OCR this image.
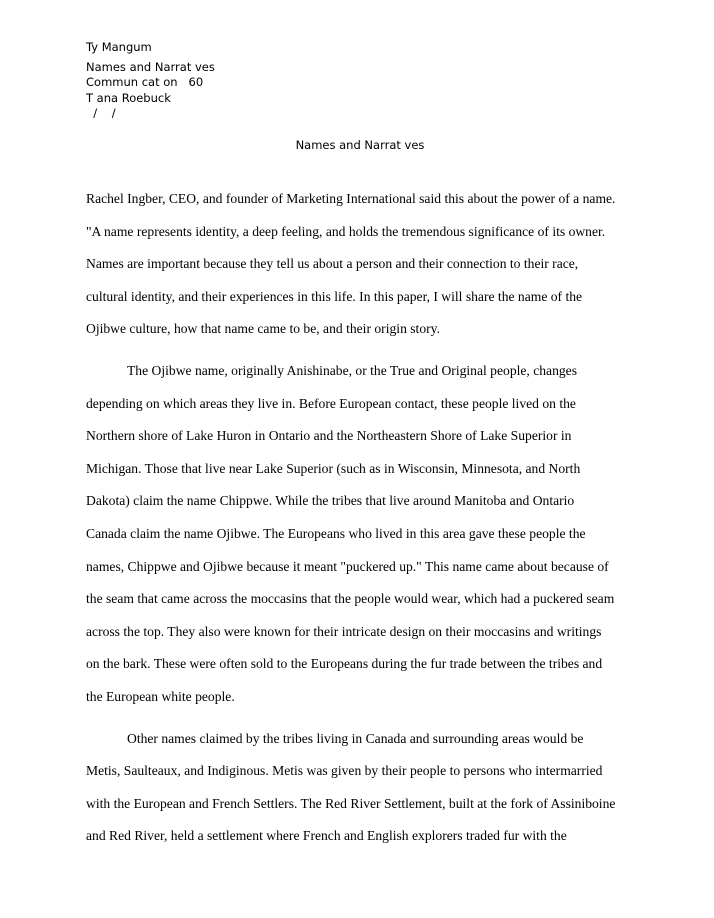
Ty Mangum
Names and Narrat ves
Commun cat on   60
T ana Roebuck
/    /
Names and Narrat ves
Rachel Ingber, CEO, and founder of Marketing International said this about the power of a name.
"A name represents identity, a deep feeling, and holds the tremendous significance of its owner.
Names are important because they tell us about a person and their connection to their race,
cultural identity, and their experiences in this life. In this paper, I will share the name of the
Ojibwe culture, how that name came to be, and their origin story.
The Ojibwe name, originally Anishinabe, or the True and Original people, changes
depending on which areas they live in. Before European contact, these people lived on the
Northern shore of Lake Huron in Ontario and the Northeastern Shore of Lake Superior in
Michigan. Those that live near Lake Superior (such as in Wisconsin, Minnesota, and North
Dakota) claim the name Chippwe. While the tribes that live around Manitoba and Ontario
Canada claim the name Ojibwe. The Europeans who lived in this area gave these people the
names, Chippwe and Ojibwe because it meant "puckered up." This name came about because of
the seam that came across the moccasins that the people would wear, which had a puckered seam
across the top. They also were known for their intricate design on their moccasins and writings
on the bark. These were often sold to the Europeans during the fur trade between the tribes and
the European white people.
Other names claimed by the tribes living in Canada and surrounding areas would be
Metis, Saulteaux, and Indiginous. Metis was given by their people to persons who intermarried
with the European and French Settlers. The Red River Settlement, built at the fork of Assiniboine
and Red River, held a settlement where French and English explorers traded fur with the
